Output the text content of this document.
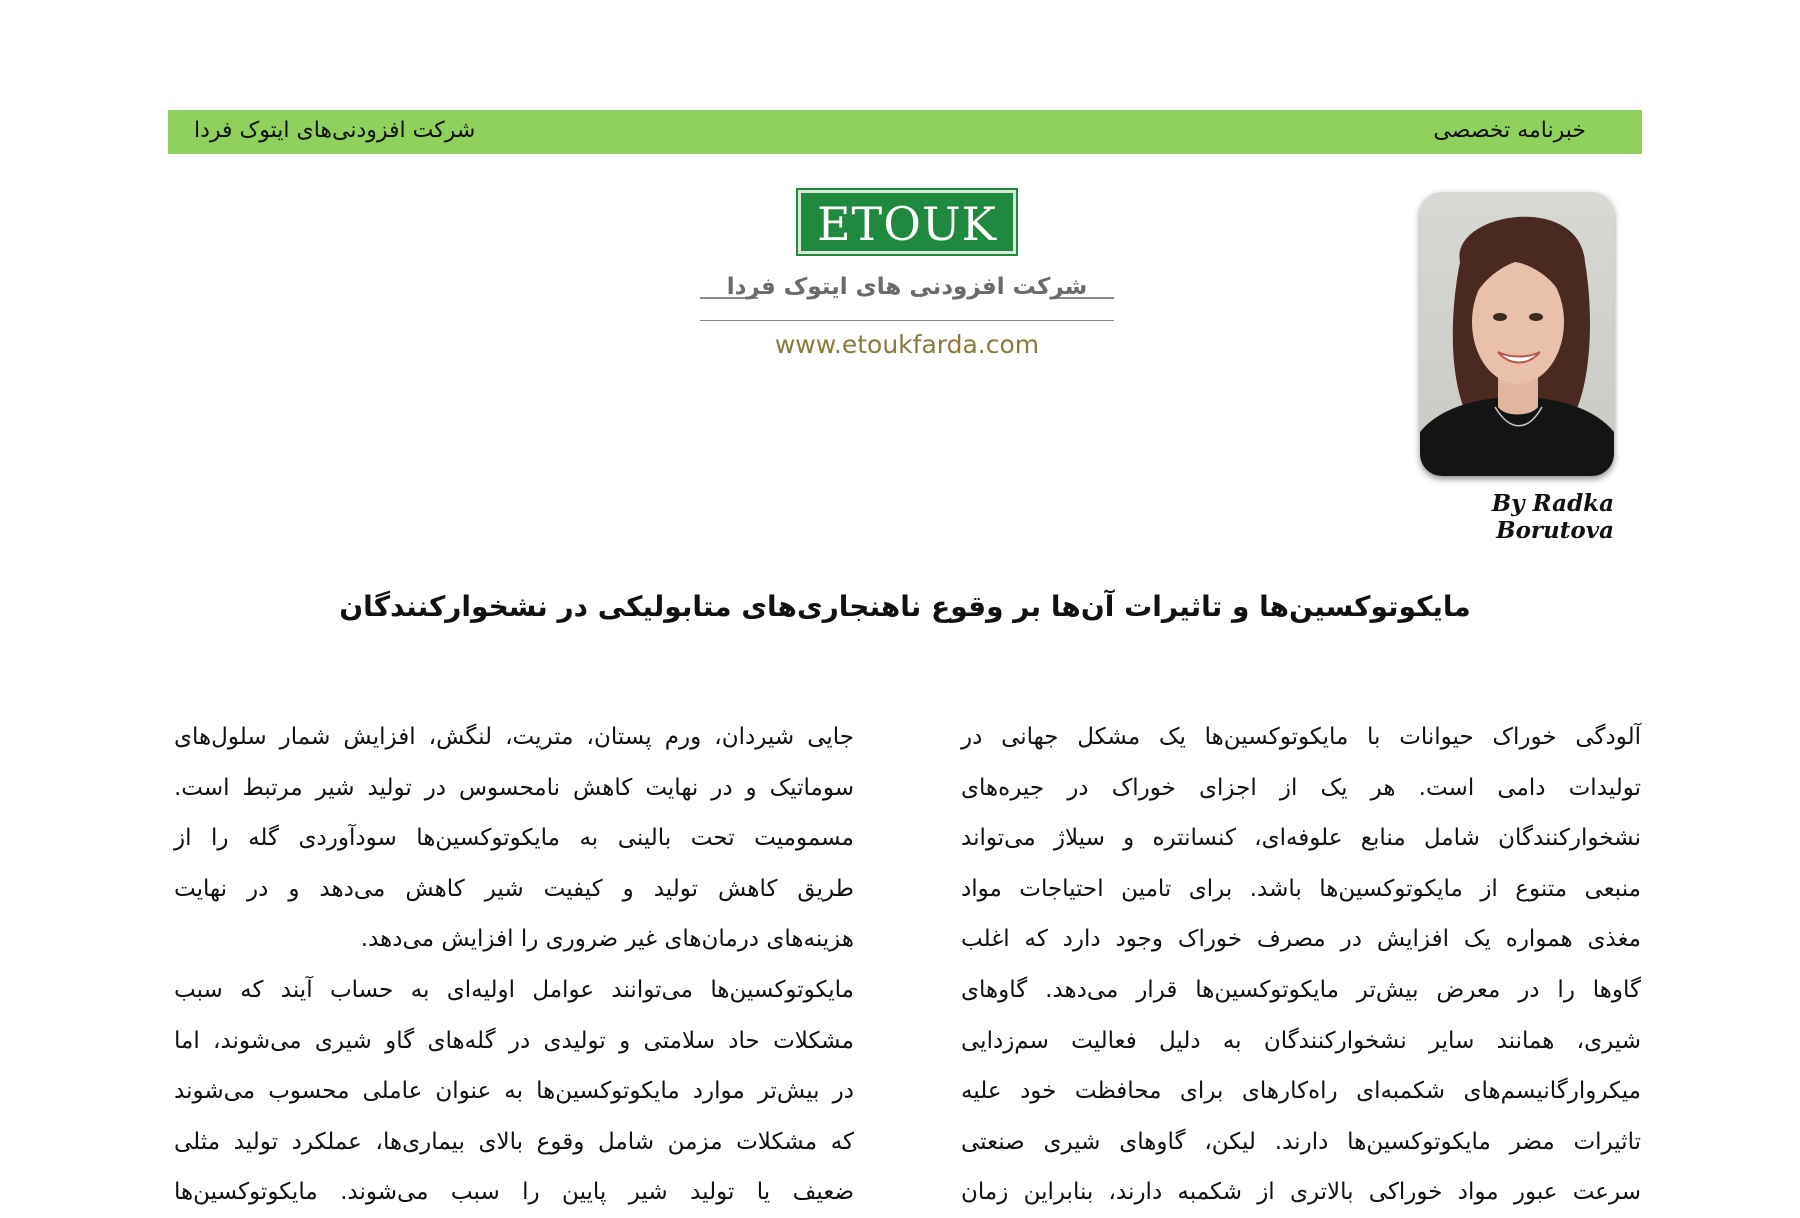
خبرنامه تخصصی
شرکت افزودنی‌های ایتوک فردا
ETOUK
شرکت افزودنی های ایتوک فردا
www.etoukfarda.com
By Radka Borutova
مایکوتوکسین‌ها و تاثیرات آن‌ها بر وقوع ناهنجاری‌های متابولیکی در نشخوارکنندگان
آلودگی خوراک حیوانات با مایکوتوکسین‌ها یک مشکل جهانی در
تولیدات دامی است. هر یک از اجزای خوراک در جیره‌های
نشخوارکنندگان شامل منابع علوفه‌ای، کنسانتره و سیلاژ می‌تواند
منبعی متنوع از مایکوتوکسین‌ها باشد. برای تامین احتیاجات مواد
مغذی همواره یک افزایش در مصرف خوراک وجود دارد که اغلب
گاوها را در معرض بیش‌تر مایکوتوکسین‌ها قرار می‌دهد. گاوهای
شیری، همانند سایر نشخوارکنندگان به دلیل فعالیت سم‌زدایی
میکروارگانیسم‌های شکمبه‌ای راه‌کارهای برای محافظت خود علیه
تاثیرات مضر مایکوتوکسین‌ها دارند. لیکن، گاوهای شیری صنعتی
سرعت عبور مواد خوراکی بالاتری از شکمبه دارند، بنابراین زمان
جایی شیردان، ورم پستان، متریت، لنگش، افزایش شمار سلول‌های
سوماتیک و در نهایت کاهش نامحسوس در تولید شیر مرتبط است.
مسمومیت تحت بالینی به مایکوتوکسین‌ها سودآوردی گله را از
طریق کاهش تولید و کیفیت شیر کاهش می‌دهد و در نهایت
هزینه‌های درمان‌های غیر ضروری را افزایش می‌دهد.
مایکوتوکسین‌ها می‌توانند عوامل اولیه‌ای به حساب آیند که سبب
مشکلات حاد سلامتی و تولیدی در گله‌های گاو شیری می‌شوند، اما
در بیش‌تر موارد مایکوتوکسین‌ها به عنوان عاملی محسوب می‌شوند
که مشکلات مزمن شامل وقوع بالای بیماری‌ها، عملکرد تولید مثلی
ضعیف یا تولید شیر پایین را سبب می‌شوند. مایکوتوکسین‌ها
